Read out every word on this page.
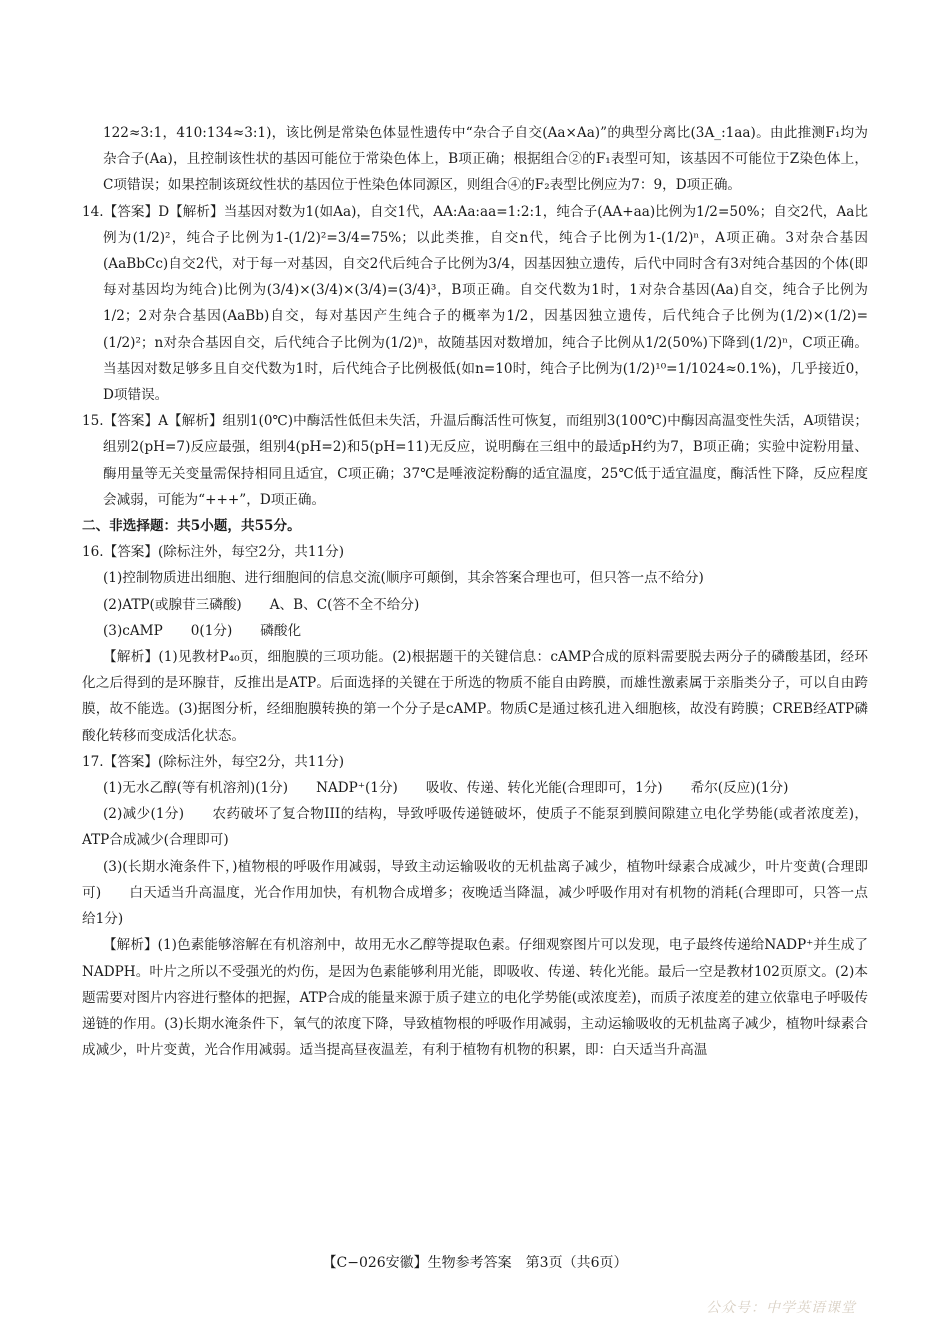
122≈3:1，410:134≈3:1)，该比例是常染色体显性遗传中“杂合子自交(Aa×Aa)”的典型分离比(3A_:1aa)。由此推测F₁均为杂合子(Aa)，且控制该性状的基因可能位于常染色体上，B项正确；根据组合②的F₁表型可知，该基因不可能位于Z染色体上，C项错误；如果控制该斑纹性状的基因位于性染色体同源区，则组合④的F₂表型比例应为7：9，D项正确。

14.【答案】D【解析】当基因对数为1(如Aa)，自交1代，AA:Aa:aa=1:2:1，纯合子(AA+aa)比例为1/2=50%；自交2代，Aa比例为(1/2)²，纯合子比例为1-(1/2)²=3/4=75%；以此类推，自交n代，纯合子比例为1-(1/2)ⁿ，A项正确。3对杂合基因(AaBbCc)自交2代，对于每一对基因，自交2代后纯合子比例为3/4，因基因独立遗传，后代中同时含有3对纯合基因的个体(即每对基因均为纯合)比例为(3/4)×(3/4)×(3/4)=(3/4)³，B项正确。自交代数为1时，1对杂合基因(Aa)自交，纯合子比例为1/2；2对杂合基因(AaBb)自交，每对基因产生纯合子的概率为1/2，因基因独立遗传，后代纯合子比例为(1/2)×(1/2)=(1/2)²；n对杂合基因自交，后代纯合子比例为(1/2)ⁿ，故随基因对数增加，纯合子比例从1/2(50%)下降到(1/2)ⁿ，C项正确。当基因对数足够多且自交代数为1时，后代纯合子比例极低(如n=10时，纯合子比例为(1/2)¹⁰=1/1024≈0.1%)，几乎接近0，D项错误。

15.【答案】A【解析】组别1(0℃)中酶活性低但未失活，升温后酶活性可恢复，而组别3(100℃)中酶因高温变性失活，A项错误；组别2(pH=7)反应最强，组别4(pH=2)和5(pH=11)无反应，说明酶在三组中的最适pH约为7，B项正确；实验中淀粉用量、酶用量等无关变量需保持相同且适宜，C项正确；37℃是唾液淀粉酶的适宜温度，25℃低于适宜温度，酶活性下降，反应程度会减弱，可能为“+++”，D项正确。

二、非选择题：共5小题，共55分。

16.【答案】(除标注外，每空2分，共11分)

(1)控制物质进出细胞、进行细胞间的信息交流(顺序可颠倒，其余答案合理也可，但只答一点不给分)

(2)ATP(或腺苷三磷酸) A、B、C(答不全不给分)

(3)cAMP 0(1分) 磷酸化

【解析】(1)见教材P₄₀页，细胞膜的三项功能。(2)根据题干的关键信息：cAMP合成的原料需要脱去两分子的磷酸基团，经环化之后得到的是环腺苷，反推出是ATP。后面选择的关键在于所选的物质不能自由跨膜，而雄性激素属于亲脂类分子，可以自由跨膜，故不能选。(3)据图分析，经细胞膜转换的第一个分子是cAMP。物质C是通过核孔进入细胞核，故没有跨膜；CREB经ATP磷酸化转移而变成活化状态。

17.【答案】(除标注外，每空2分，共11分)

(1)无水乙醇(等有机溶剂)(1分) NADP⁺(1分) 吸收、传递、转化光能(合理即可，1分) 希尔(反应)(1分)

(2)减少(1分) 农药破坏了复合物III的结构，导致呼吸传递链破坏，使质子不能泵到膜间隙建立电化学势能(或者浓度差)，ATP合成减少(合理即可)

(3)(长期水淹条件下，)植物根的呼吸作用减弱，导致主动运输吸收的无机盐离子减少，植物叶绿素合成减少，叶片变黄(合理即可) 白天适当升高温度，光合作用加快，有机物合成增多；夜晚适当降温，减少呼吸作用对有机物的消耗(合理即可，只答一点给1分)

【解析】(1)色素能够溶解在有机溶剂中，故用无水乙醇等提取色素。仔细观察图片可以发现，电子最终传递给NADP⁺并生成了NADPH。叶片之所以不受强光的灼伤，是因为色素能够利用光能，即吸收、传递、转化光能。最后一空是教材102页原文。(2)本题需要对图片内容进行整体的把握，ATP合成的能量来源于质子建立的电化学势能(或浓度差)，而质子浓度差的建立依靠电子呼吸传递链的作用。(3)长期水淹条件下，氧气的浓度下降，导致植物根的呼吸作用减弱，主动运输吸收的无机盐离子减少，植物叶绿素合成减少，叶片变黄，光合作用减弱。适当提高昼夜温差，有利于植物有机物的积累，即：白天适当升高温

【C−026安徽】生物参考答案　第3页（共6页）
公众号：中学英语课堂
